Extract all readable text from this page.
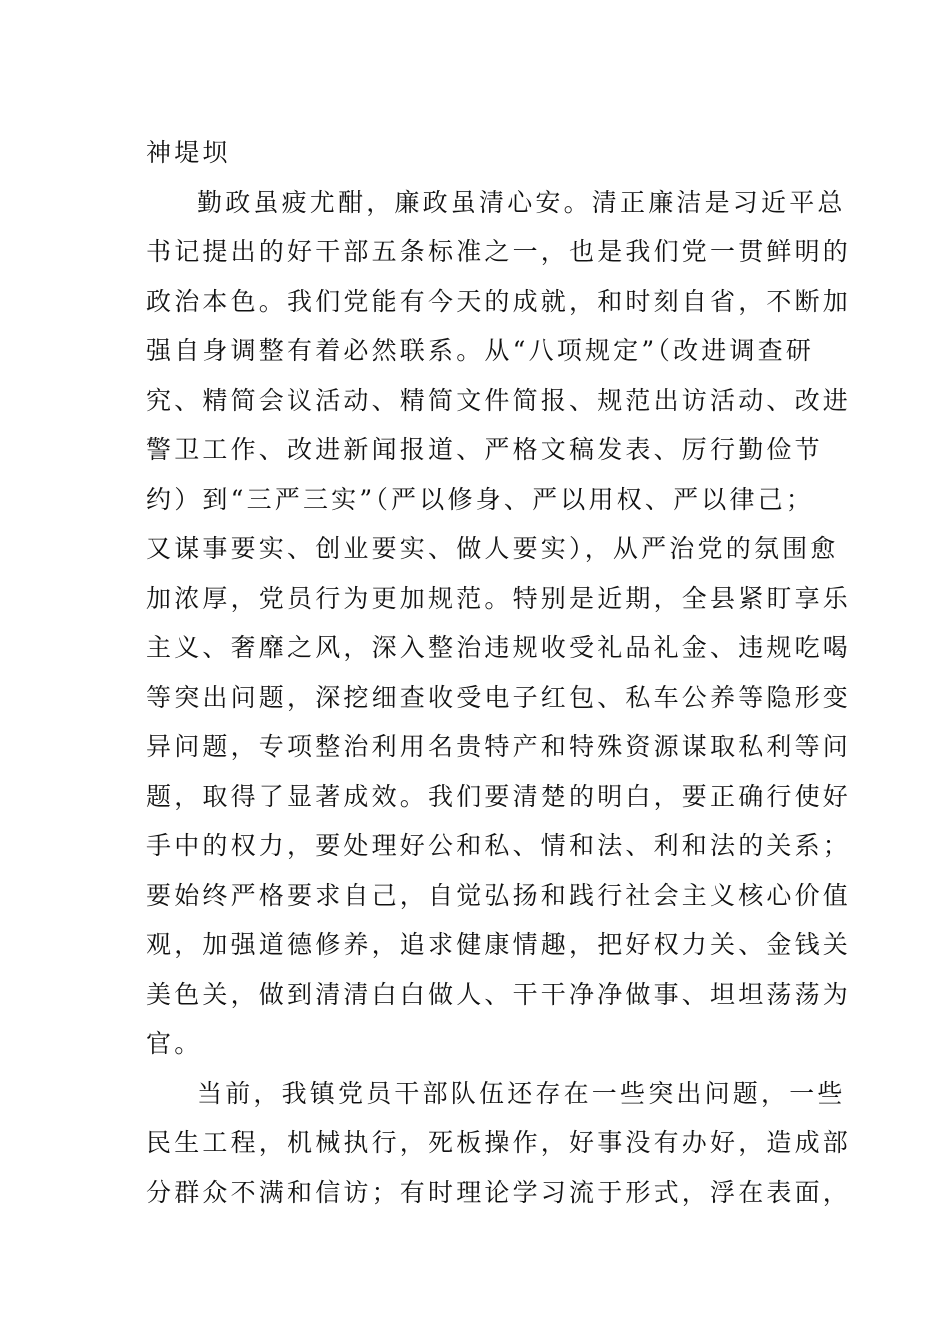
神堤坝
勤政虽疲尤酣，廉政虽清心安。清正廉洁是习近平总
书记提出的好干部五条标准之一，也是我们党一贯鲜明的
政治本色。我们党能有今天的成就，和时刻自省，不断加
强自身调整有着必然联系。从“八项规定”（改进调查研
究、精简会议活动、精简文件简报、规范出访活动、改进
警卫工作、改进新闻报道、严格文稿发表、厉行勤俭节
约）到“三严三实”（严以修身、严以用权、严以律己；
又谋事要实、创业要实、做人要实），从严治党的氛围愈
加浓厚，党员行为更加规范。特别是近期，全县紧盯享乐
主义、奢靡之风，深入整治违规收受礼品礼金、违规吃喝
等突出问题，深挖细查收受电子红包、私车公养等隐形变
异问题，专项整治利用名贵特产和特殊资源谋取私利等问
题，取得了显著成效。我们要清楚的明白，要正确行使好
手中的权力，要处理好公和私、情和法、利和法的关系；
要始终严格要求自己，自觉弘扬和践行社会主义核心价值
观，加强道德修养，追求健康情趣，把好权力关、金钱关
美色关，做到清清白白做人、干干净净做事、坦坦荡荡为
官。
当前，我镇党员干部队伍还存在一些突出问题，一些
民生工程，机械执行，死板操作，好事没有办好，造成部
分群众不满和信访；有时理论学习流于形式，浮在表面，
